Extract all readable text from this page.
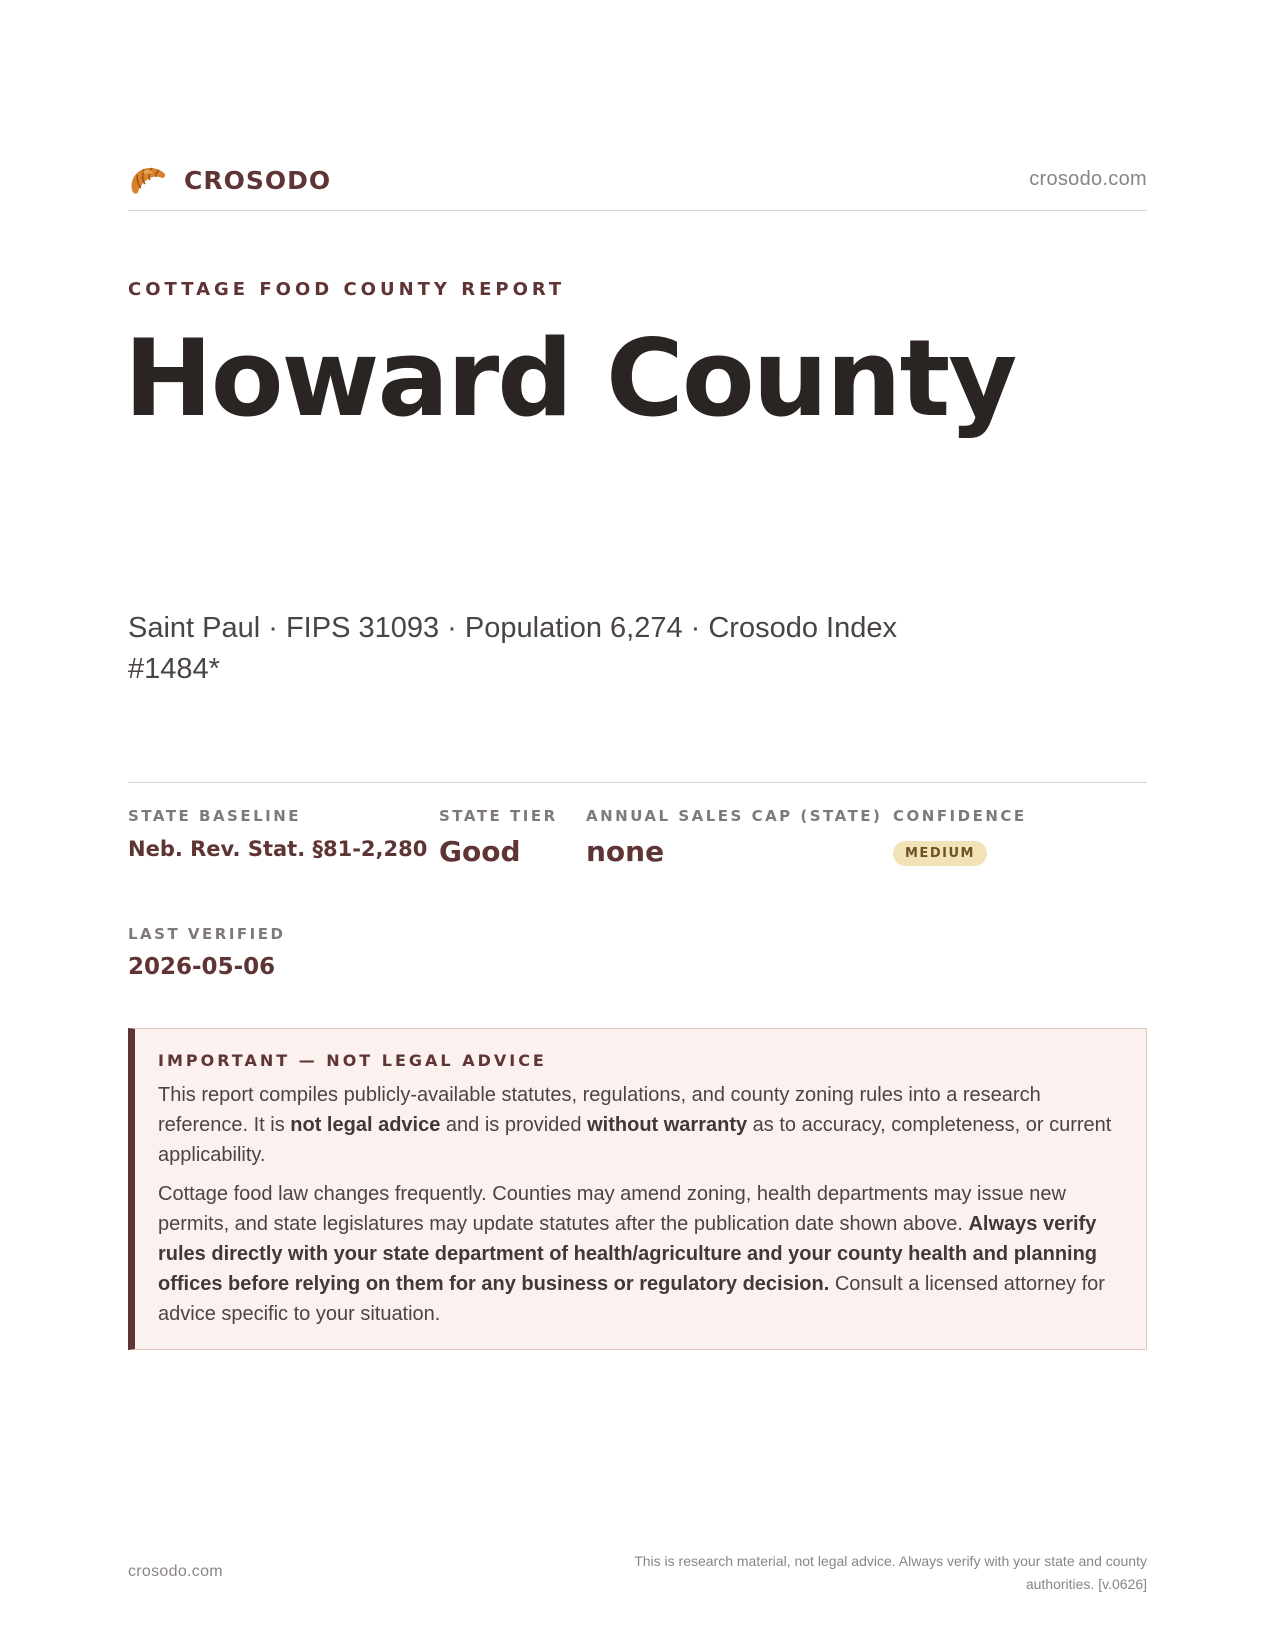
CROSODO	crosodo.com
COTTAGE FOOD COUNTY REPORT
Howard County
Saint Paul · FIPS 31093 · Population 6,274 · Crosodo Index #1484*
STATE BASELINE
Neb. Rev. Stat. §81-2,280
STATE TIER
Good
ANNUAL SALES CAP (STATE)
none
CONFIDENCE
MEDIUM
LAST VERIFIED
2026-05-06
IMPORTANT — NOT LEGAL ADVICE

This report compiles publicly-available statutes, regulations, and county zoning rules into a research reference. It is not legal advice and is provided without warranty as to accuracy, completeness, or current applicability.

Cottage food law changes frequently. Counties may amend zoning, health departments may issue new permits, and state legislatures may update statutes after the publication date shown above. Always verify rules directly with your state department of health/agriculture and your county health and planning offices before relying on them for any business or regulatory decision. Consult a licensed attorney for advice specific to your situation.

crosodo.com
This is research material, not legal advice. Always verify with your state and county authorities. [v.0626]
